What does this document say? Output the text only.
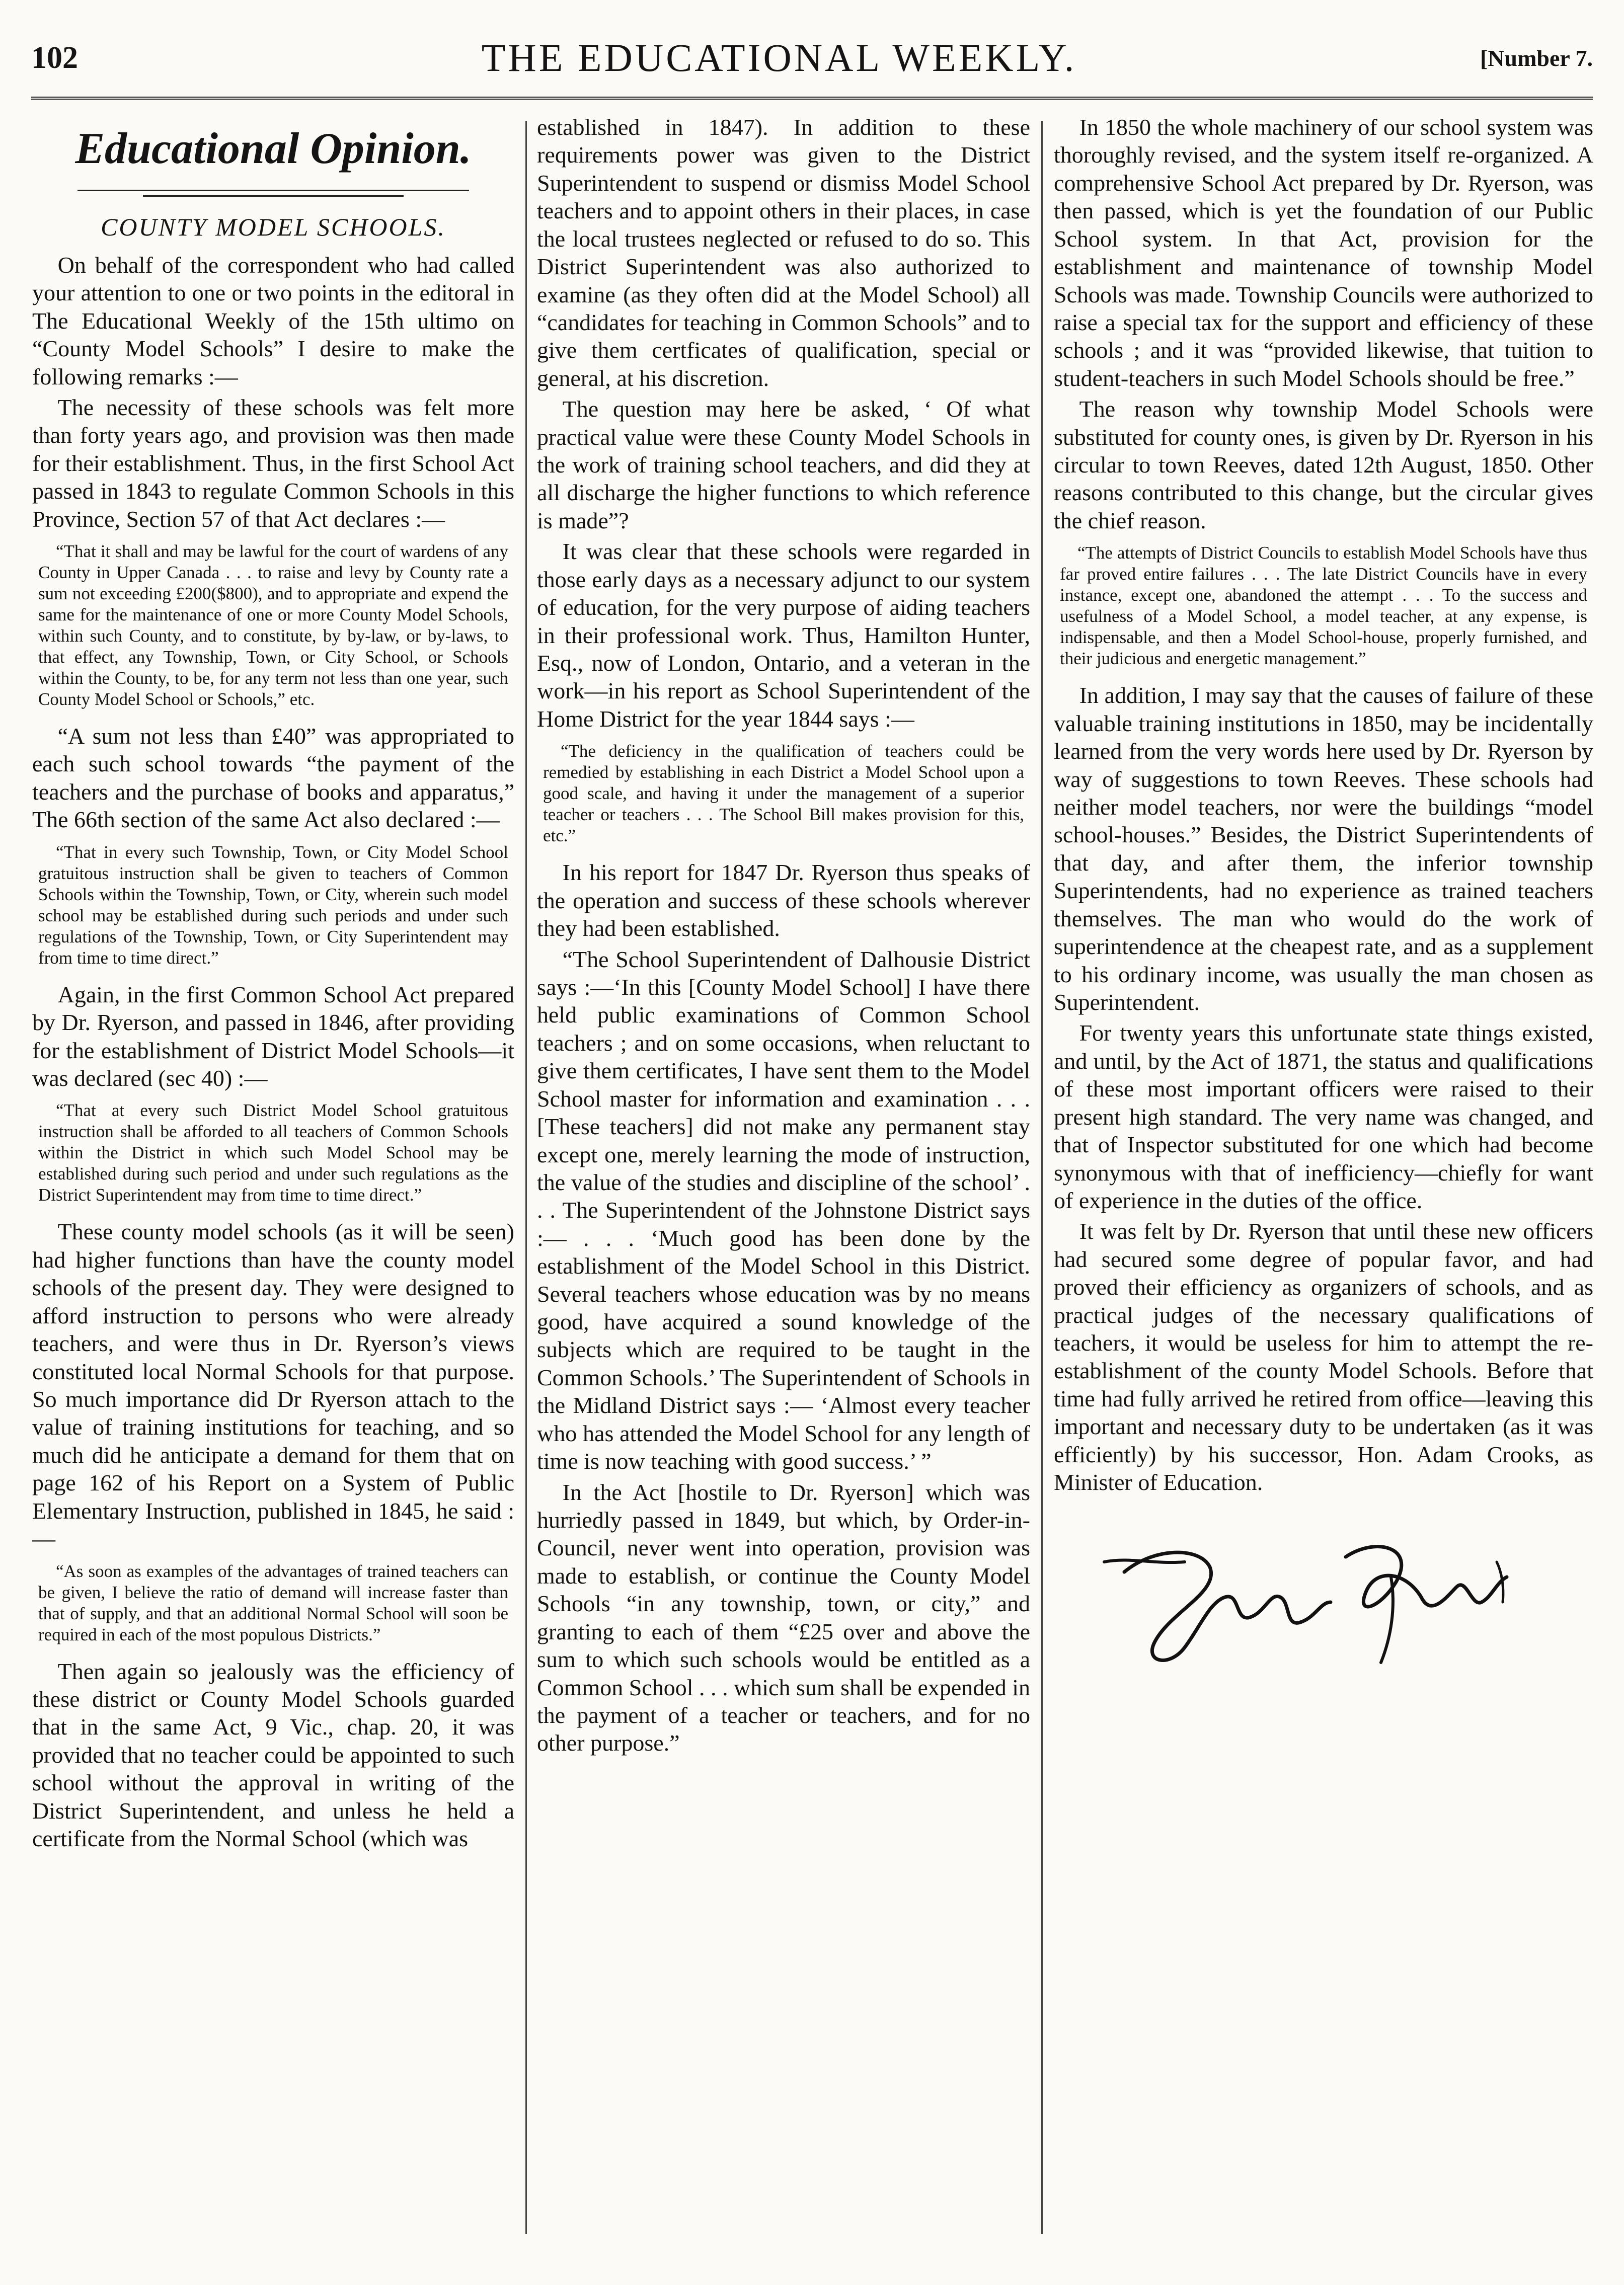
102	THE EDUCATIONAL WEEKLY.	[Number 7.
Educational Opinion.
COUNTY MODEL SCHOOLS.

On behalf of the correspondent who had called your attention to one or two points in the editoral in The Educational Weekly of the 15th ultimo on “County Model Schools” I desire to make the following remarks :—

The necessity of these schools was felt more than forty years ago, and provision was then made for their establishment. Thus, in the first School Act passed in 1843 to regulate Common Schools in this Province, Section 57 of that Act declares :—

“That it shall and may be lawful for the court of wardens of any County in Upper Canada . . . to raise and levy by County rate a sum not exceeding £200($800), and to appropriate and expend the same for the maintenance of one or more County Model Schools, within such County, and to constitute, by by-law, or by-laws, to that effect, any Township, Town, or City School, or Schools within the County, to be, for any term not less than one year, such County Model School or Schools,” etc.

“A sum not less than £40” was appropriated to each such school towards “the payment of the teachers and the purchase of books and apparatus,” The 66th section of the same Act also declared :—

“That in every such Township, Town, or City Model School gratuitous instruction shall be given to teachers of Common Schools within the Township, Town, or City, wherein such model school may be established during such periods and under such regulations of the Township, Town, or City Superintendent may from time to time direct.”

Again, in the first Common School Act prepared by Dr. Ryerson, and passed in 1846, after providing for the establishment of District Model Schools—it was declared (sec 40) :—

“That at every such District Model School gratuitous instruction shall be afforded to all teachers of Common Schools within the District in which such Model School may be established during such period and under such regulations as the District Superintendent may from time to time direct.”

These county model schools (as it will be seen) had higher functions than have the county model schools of the present day. They were designed to afford instruction to persons who were already teachers, and were thus in Dr. Ryerson’s views constituted local Normal Schools for that purpose. So much importance did Dr Ryerson attach to the value of training institutions for teaching, and so much did he anticipate a demand for them that on page 162 of his Report on a System of Public Elementary Instruction, published in 1845, he said :—

“As soon as examples of the advantages of trained teachers can be given, I believe the ratio of demand will increase faster than that of supply, and that an additional Normal School will soon be required in each of the most populous Districts.”

Then again so jealously was the efficiency of these district or County Model Schools guarded that in the same Act, 9 Vic., chap. 20, it was provided that no teacher could be appointed to such school without the approval in writing of the District Superintendent, and unless he held a certificate from the Normal School (which was

established in 1847). In addition to these requirements power was given to the District Superintendent to suspend or dismiss Model School teachers and to appoint others in their places, in case the local trustees neglected or refused to do so. This District Superintendent was also authorized to examine (as they often did at the Model School) all “candidates for teaching in Common Schools” and to give them certficates of qualification, special or general, at his discretion.

The question may here be asked, ‘ Of what practical value were these County Model Schools in the work of training school teachers, and did they at all discharge the higher functions to which reference is made”?

It was clear that these schools were regarded in those early days as a necessary adjunct to our system of education, for the very purpose of aiding teachers in their professional work. Thus, Hamilton Hunter, Esq., now of London, Ontario, and a veteran in the work—in his report as School Superintendent of the Home District for the year 1844 says :—

“The deficiency in the qualification of teachers could be remedied by establishing in each District a Model School upon a good scale, and having it under the management of a superior teacher or teachers . . . The School Bill makes provision for this, etc.”

In his report for 1847 Dr. Ryerson thus speaks of the operation and success of these schools wherever they had been established.

“The School Superintendent of Dalhousie District says :—‘In this [County Model School] I have there held public examinations of Common School teachers ; and on some occasions, when reluctant to give them certificates, I have sent them to the Model School master for information and examination . . . [These teachers] did not make any permanent stay except one, merely learning the mode of instruction, the value of the studies and discipline of the school’ . . . The Superintendent of the Johnstone District says :— . . . ‘Much good has been done by the establishment of the Model School in this District. Several teachers whose education was by no means good, have acquired a sound knowledge of the subjects which are required to be taught in the Common Schools.’ The Superintendent of Schools in the Midland District says :— ‘Almost every teacher who has attended the Model School for any length of time is now teaching with good success.’ ”

In the Act [hostile to Dr. Ryerson] which was hurriedly passed in 1849, but which, by Order-in-Council, never went into operation, provision was made to establish, or continue the County Model Schools “in any township, town, or city,” and granting to each of them “£25 over and above the sum to which such schools would be entitled as a Common School . . . which sum shall be expended in the payment of a teacher or teachers, and for no other purpose.”

In 1850 the whole machinery of our school system was thoroughly revised, and the system itself re-organized. A comprehensive School Act prepared by Dr. Ryerson, was then passed, which is yet the foundation of our Public School system. In that Act, provision for the establishment and maintenance of township Model Schools was made. Township Councils were authorized to raise a special tax for the support and efficiency of these schools ; and it was “provided likewise, that tuition to student-teachers in such Model Schools should be free.”

The reason why township Model Schools were substituted for county ones, is given by Dr. Ryerson in his circular to town Reeves, dated 12th August, 1850. Other reasons contributed to this change, but the circular gives the chief reason.

“The attempts of District Councils to establish Model Schools have thus far proved entire failures . . . The late District Councils have in every instance, except one, abandoned the attempt . . . To the success and usefulness of a Model School, a model teacher, at any expense, is indispensable, and then a Model School-house, properly furnished, and their judicious and energetic management.”

In addition, I may say that the causes of failure of these valuable training institutions in 1850, may be incidentally learned from the very words here used by Dr. Ryerson by way of suggestions to town Reeves. These schools had neither model teachers, nor were the buildings “model school-houses.” Besides, the District Superintendents of that day, and after them, the inferior township Superintendents, had no experience as trained teachers themselves. The man who would do the work of superintendence at the cheapest rate, and as a supplement to his ordinary income, was usually the man chosen as Superintendent.

For twenty years this unfortunate state things existed, and until, by the Act of 1871, the status and qualifications of these most important officers were raised to their present high standard. The very name was changed, and that of Inspector substituted for one which had become synonymous with that of inefficiency—chiefly for want of experience in the duties of the office.

It was felt by Dr. Ryerson that until these new officers had secured some degree of popular favor, and had proved their efficiency as organizers of schools, and as practical judges of the necessary qualifications of teachers, it would be useless for him to attempt the re-establishment of the county Model Schools. Before that time had fully arrived he retired from office—leaving this important and necessary duty to be undertaken (as it was efficiently) by his successor, Hon. Adam Crooks, as Minister of Education.
